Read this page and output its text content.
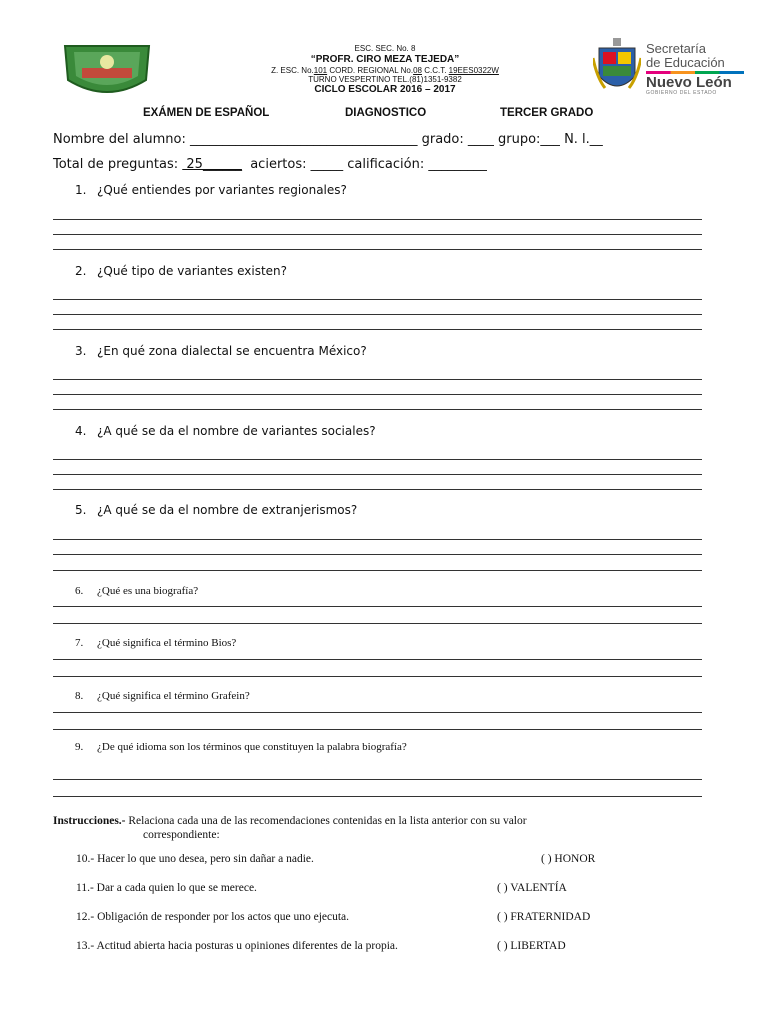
ESC. SEC. No. 8
“PROFR. CIRO MEZA TEJEDA”
Z. ESC. No.101 CORD. REGIONAL No.08 C.C.T. 19EES0322W
TURNO VESPERTINO TEL.(81)1351-9382
CICLO ESCOLAR 2016 – 2017
Secretaría
de Educación
Nuevo León
GOBIERNO DEL ESTADO
EXÁMEN DE ESPAÑOL	DIAGNOSTICO	TERCER GRADO
Nombre del alumno: ___________________________________ grado: ____ grupo:___ N. l.__
Total de preguntas:  25______  aciertos: _____ calificación: _________
1. ¿Qué entiendes por variantes regionales?
2. ¿Qué tipo de variantes existen?
3. ¿En qué zona dialectal se encuentra México?
4. ¿A qué se da el nombre de variantes sociales?
5. ¿A qué se da el nombre de extranjerismos?
6. ¿Qué es una biografía?
7. ¿Qué significa el término Bios?
8. ¿Qué significa el término Grafein?
9. ¿De qué idioma son los términos que constituyen la palabra biografía?
Instrucciones.- Relaciona cada una de las recomendaciones contenidas en la lista anterior con su valor
correspondiente:
10.- Hacer lo que uno desea, pero sin dañar a nadie.	( ) HONOR
11.- Dar a cada quien lo que se merece.	( ) VALENTÍA
12.- Obligación de responder por los actos que uno ejecuta.	( ) FRATERNIDAD
13.- Actitud abierta hacia posturas u opiniones diferentes de la propia.	( ) LIBERTAD
